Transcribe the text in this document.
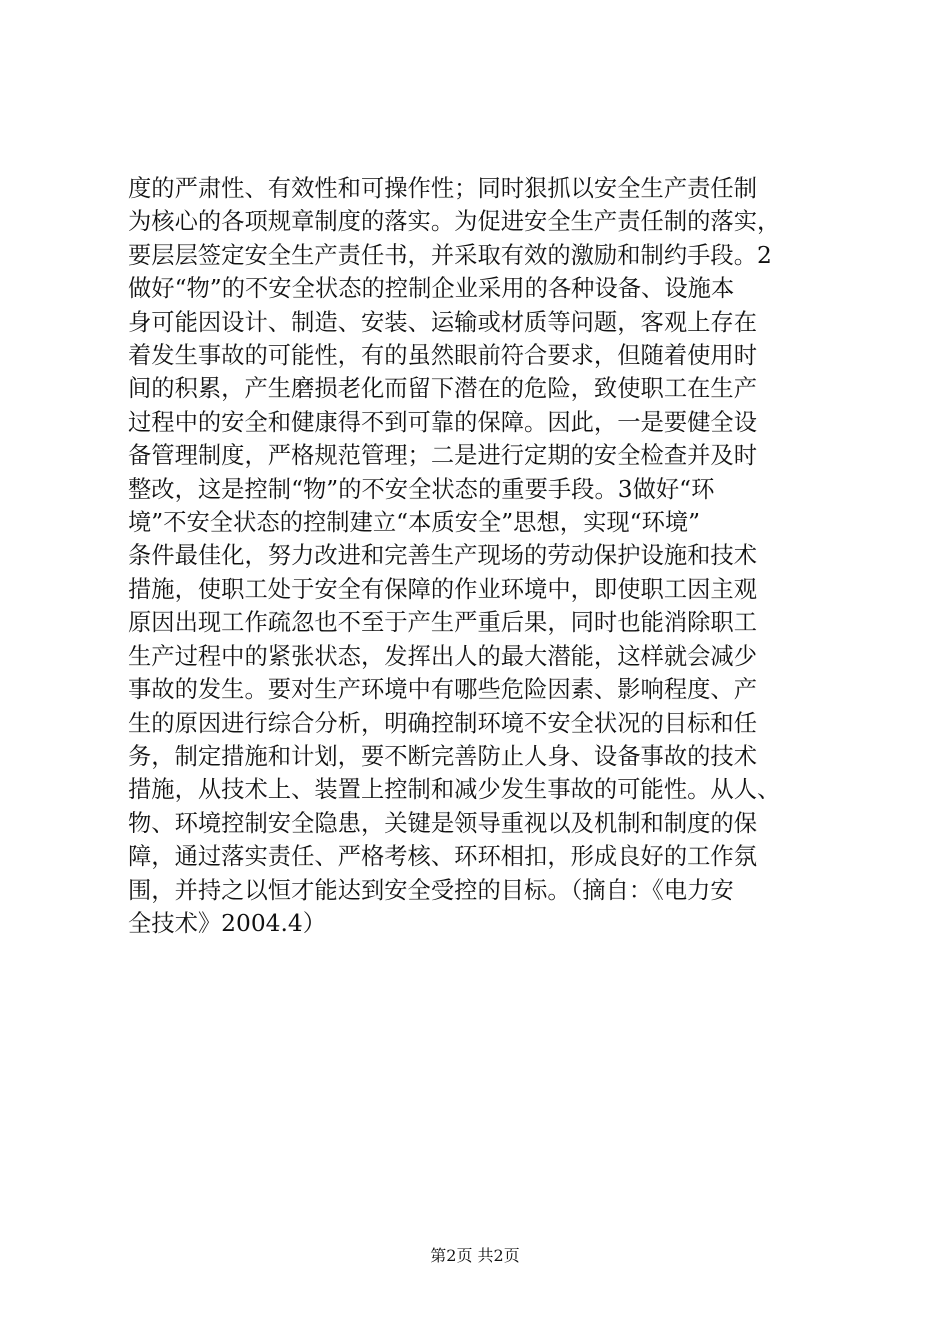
度的严肃性、有效性和可操作性；同时狠抓以安全生产责任制
为核心的各项规章制度的落实。为促进安全生产责任制的落实，
要层层签定安全生产责任书，并采取有效的激励和制约手段。2
做好“物”的不安全状态的控制企业采用的各种设备、设施本
身可能因设计、制造、安装、运输或材质等问题，客观上存在
着发生事故的可能性，有的虽然眼前符合要求，但随着使用时
间的积累，产生磨损老化而留下潜在的危险，致使职工在生产
过程中的安全和健康得不到可靠的保障。因此，一是要健全设
备管理制度，严格规范管理；二是进行定期的安全检查并及时
整改，这是控制“物”的不安全状态的重要手段。3做好“环
境”不安全状态的控制建立“本质安全”思想，实现“环境”
条件最佳化，努力改进和完善生产现场的劳动保护设施和技术
措施，使职工处于安全有保障的作业环境中，即使职工因主观
原因出现工作疏忽也不至于产生严重后果，同时也能消除职工
生产过程中的紧张状态，发挥出人的最大潜能，这样就会减少
事故的发生。要对生产环境中有哪些危险因素、影响程度、产
生的原因进行综合分析，明确控制环境不安全状况的目标和任
务，制定措施和计划，要不断完善防止人身、设备事故的技术
措施，从技术上、装置上控制和减少发生事故的可能性。从人、
物、环境控制安全隐患，关键是领导重视以及机制和制度的保
障，通过落实责任、严格考核、环环相扣，形成良好的工作氛
围，并持之以恒才能达到安全受控的目标。（摘自：《电力安
全技术》2004.4）
第2页 共2页
